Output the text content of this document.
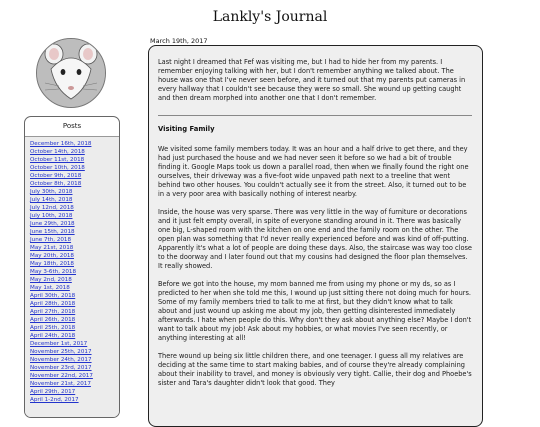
Lankly's Journal
Posts
December 16th, 2018
October 14th, 2018
October 11st, 2018
October 10th, 2018
October 9th, 2018
October 8th, 2018
July 30th, 2018
July 14th, 2018
July 12nd, 2018
July 10th, 2018
June 29th, 2018
June 15th, 2018
June 7th, 2018
May 21st, 2018
May 20th, 2018
May 18th, 2018
May 3-6th, 2018
May 2nd, 2018
May 1st, 2018
April 30th, 2018
April 28th, 2018
April 27th, 2018
April 26th, 2018
April 25th, 2018
April 24th, 2018
December 1st, 2017
November 25th, 2017
November 24th, 2017
November 23rd, 2017
November 22nd, 2017
November 21st, 2017
April 29th, 2017
April 1-2nd, 2017
March 19th, 2017

Last night I dreamed that Fef was visiting me, but I had to hide her from my parents. I remember enjoying talking with her, but I don't remember anything we talked about. The house was one that I've never seen before, and it turned out that my parents put cameras in every hallway that I couldn't see because they were so small. She wound up getting caught and then dream morphed into another one that I don't remember.

Visiting Family

We visited some family members today. It was an hour and a half drive to get there, and they had just purchased the house and we had never seen it before so we had a bit of trouble finding it. Google Maps took us down a parallel road, then when we finally found the right one ourselves, their driveway was a five-foot wide unpaved path next to a treeline that went behind two other houses. You couldn't actually see it from the street. Also, it turned out to be in a very poor area with basically nothing of interest nearby.

Inside, the house was very sparse. There was very little in the way of furniture or decorations and it just felt empty overall, in spite of everyone standing around in it. There was basically one big, L-shaped room with the kitchen on one end and the family room on the other. The open plan was something that I'd never really experienced before and was kind of off-putting. Apparently it's what a lot of people are doing these days. Also, the staircase was way too close to the doorway and I later found out that my cousins had designed the floor plan themselves. It really showed.

Before we got into the house, my mom banned me from using my phone or my ds, so as I predicted to her when she told me this, I wound up just sitting there not doing much for hours. Some of my family members tried to talk to me at first, but they didn't know what to talk about and just wound up asking me about my job, then getting disinterested immediately afterwards. I hate when people do this. Why don't they ask about anything else? Maybe I don't want to talk about my job! Ask about my hobbies, or what movies I've seen recently, or anything interesting at all!

There wound up being six little children there, and one teenager. I guess all my relatives are deciding at the same time to start making babies, and of course they're already complaining about their inability to travel, and money is obviously very tight. Callie, their dog and Phoebe's sister and Tara's daughter didn't look that good. They
